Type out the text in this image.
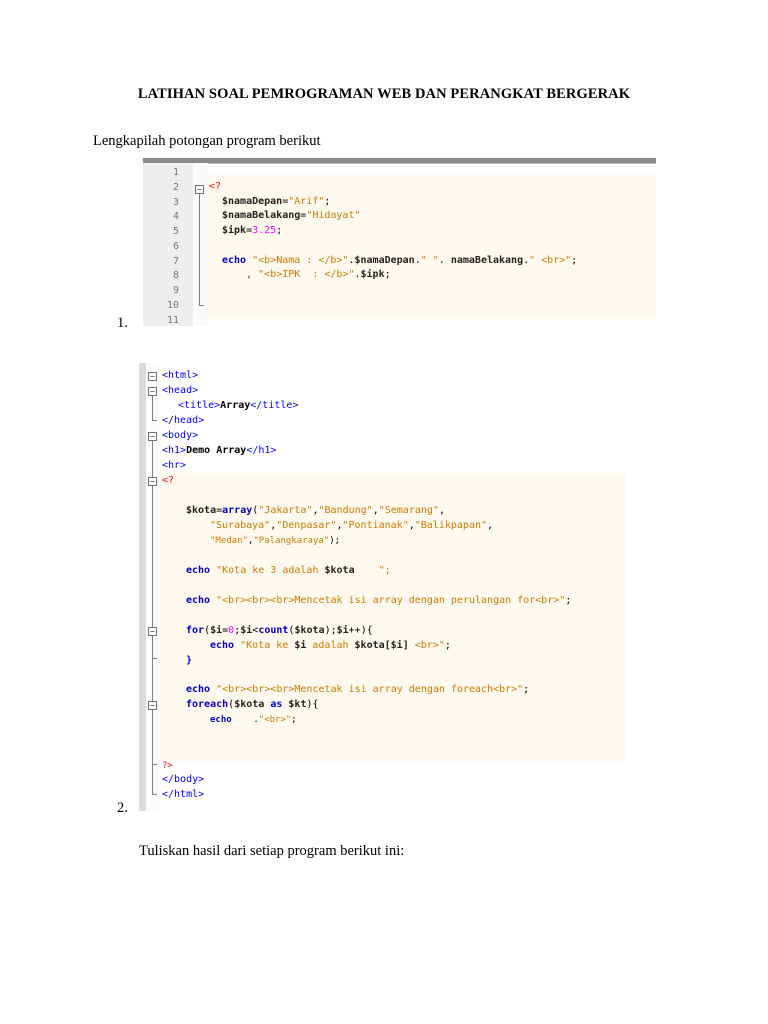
LATIHAN SOAL PEMROGRAMAN WEB DAN PERANGKAT BERGERAK
Lengkapilah potongan program berikut
1
2
3
4
5
6
7
8
9
10
11
− <?
$namaDepan="Arif";
$namaBelakang="Hidayat"
$ipk=3.25;
echo "<b>Nama : </b>".$namaDepan." ". namaBelakang." <br>";
, "<b>IPK  : </b>".$ipk;
1.
−
−
−
−
−
−
<html>
<head>
<title>Array</title>
</head>
<body>
<h1>Demo Array</h1>
<hr>
<?
$kota=array("Jakarta","Bandung","Semarang",
"Surabaya","Denpasar","Pontianak","Balikpapan",
"Medan","Palangkaraya");
echo "Kota ke 3 adalah $kota    ";
echo "<br><br><br>Mencetak isi array dengan perulangan for<br>";
for($i=0;$i<count($kota);$i++){
echo "Kota ke $i adalah $kota[$i] <br>";
}
echo "<br><br><br>Mencetak isi array dengan foreach<br>";
foreach($kota as $kt){
echo    ."<br>";
?>
</body>
</html>
2.
Tuliskan hasil dari setiap program berikut ini:
